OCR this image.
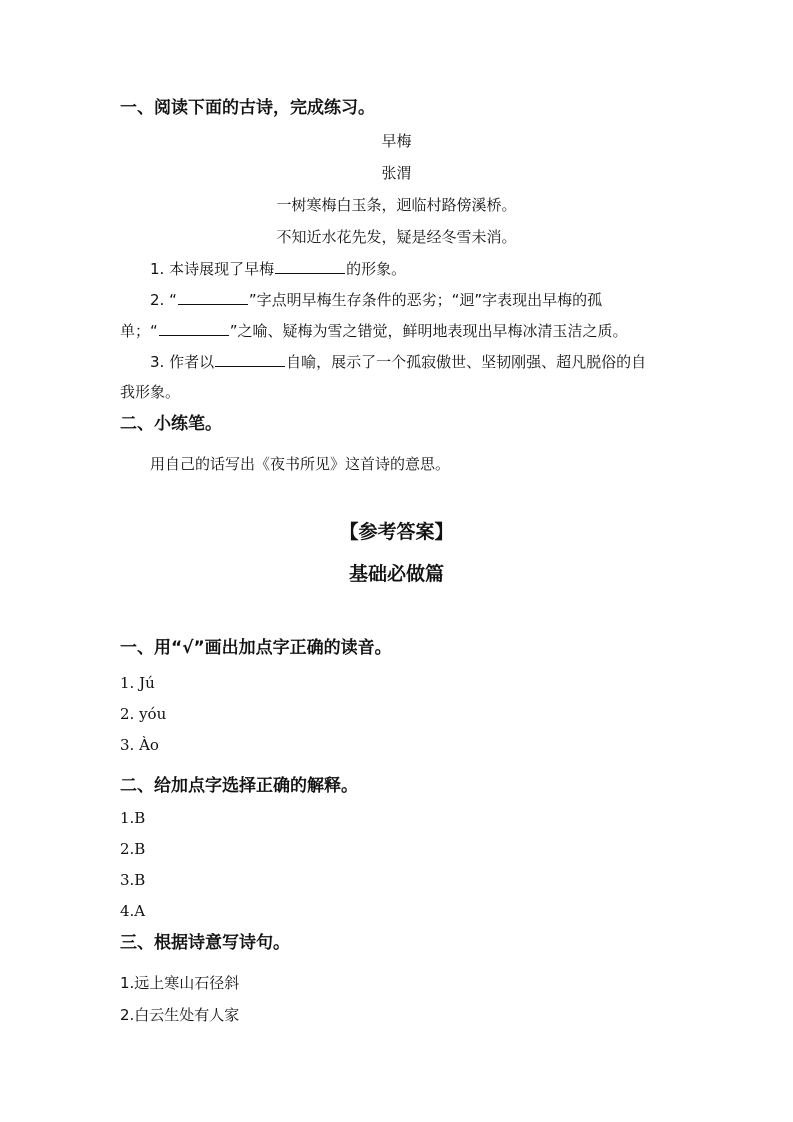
一、阅读下面的古诗，完成练习。
早梅
张渭
一树寒梅白玉条，迥临村路傍溪桥。
不知近水花先发，疑是经冬雪未消。
1. 本诗展现了早梅	的形象。
2. “	”字点明早梅生存条件的恶劣；“迥”字表现出早梅的孤
单；“	”之喻、疑梅为雪之错觉，鲜明地表现出早梅冰清玉洁之质。
3. 作者以	自喻，展示了一个孤寂傲世、坚韧刚强、超凡脱俗的自
我形象。
二、小练笔。
用自己的话写出《夜书所见》这首诗的意思。
【参考答案】
基础必做篇
一、用“√”画出加点字正确的读音。
1. Jú
2. yóu
3. Ào
二、给加点字选择正确的解释。
1.B
2.B
3.B
4.A
三、根据诗意写诗句。
1.远上寒山石径斜
2.白云生处有人家
